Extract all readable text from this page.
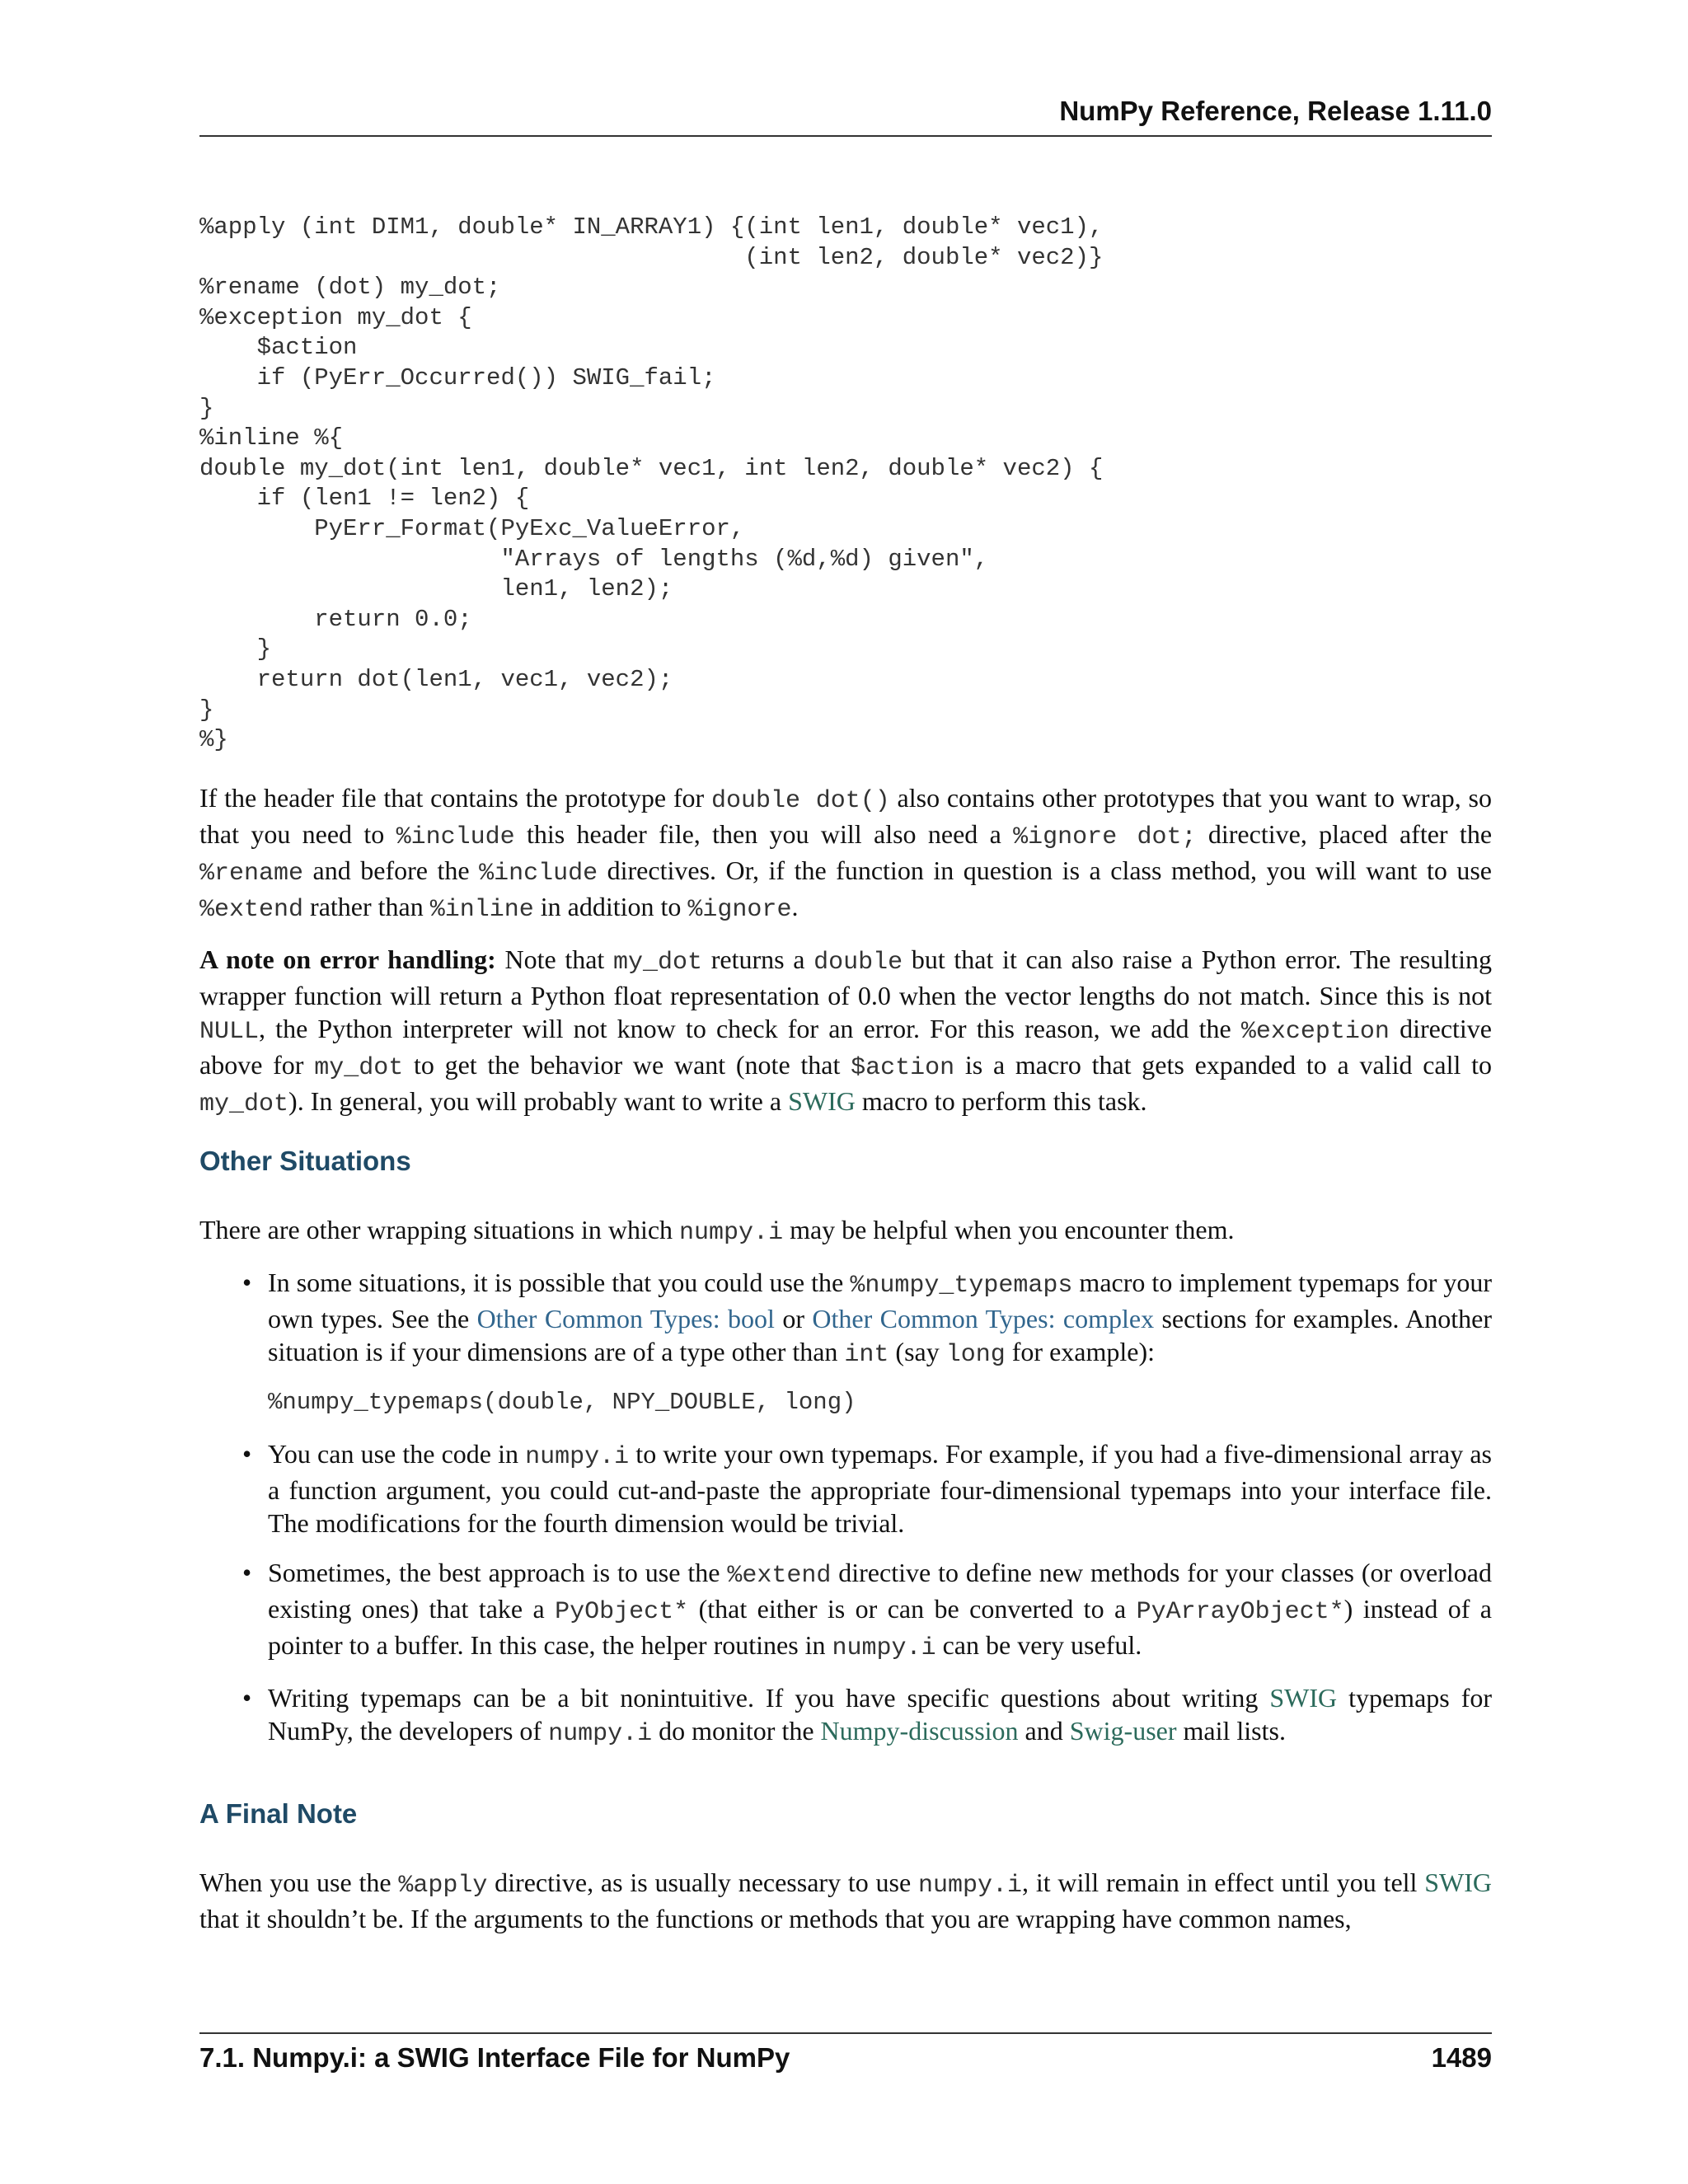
NumPy Reference, Release 1.11.0
%apply (int DIM1, double* IN_ARRAY1) {(int len1, double* vec1),
(int len2, double* vec2)}
%rename (dot) my_dot;
%exception my_dot {
$action
if (PyErr_Occurred()) SWIG_fail;
}
%inline %{
double my_dot(int len1, double* vec1, int len2, double* vec2) {
if (len1 != len2) {
PyErr_Format(PyExc_ValueError,
"Arrays of lengths (%d,%d) given",
len1, len2);
return 0.0;
}
return dot(len1, vec1, vec2);
}
%}

If the header file that contains the prototype for double dot() also contains other prototypes that you want to wrap, so that you need to %include this header file, then you will also need a %ignore dot; directive, placed after the %rename and before the %include directives. Or, if the function in question is a class method, you will want to use %extend rather than %inline in addition to %ignore.

A note on error handling: Note that my_dot returns a double but that it can also raise a Python error. The resulting wrapper function will return a Python float representation of 0.0 when the vector lengths do not match. Since this is not NULL, the Python interpreter will not know to check for an error. For this reason, we add the %exception directive above for my_dot to get the behavior we want (note that $action is a macro that gets expanded to a valid call to my_dot). In general, you will probably want to write a SWIG macro to perform this task.

Other Situations

There are other wrapping situations in which numpy.i may be helpful when you encounter them.

• In some situations, it is possible that you could use the %numpy_typemaps macro to implement typemaps for your own types. See the Other Common Types: bool or Other Common Types: complex sections for examples. Another situation is if your dimensions are of a type other than int (say long for example):
%numpy_typemaps(double, NPY_DOUBLE, long)
• You can use the code in numpy.i to write your own typemaps. For example, if you had a five-dimensional array as a function argument, you could cut-and-paste the appropriate four-dimensional typemaps into your interface file. The modifications for the fourth dimension would be trivial.
• Sometimes, the best approach is to use the %extend directive to define new methods for your classes (or overload existing ones) that take a PyObject* (that either is or can be converted to a PyArrayObject*) instead of a pointer to a buffer. In this case, the helper routines in numpy.i can be very useful.
• Writing typemaps can be a bit nonintuitive. If you have specific questions about writing SWIG typemaps for NumPy, the developers of numpy.i do monitor the Numpy-discussion and Swig-user mail lists.
A Final Note

When you use the %apply directive, as is usually necessary to use numpy.i, it will remain in effect until you tell SWIG that it shouldn’t be. If the arguments to the functions or methods that you are wrapping have common names,

7.1. Numpy.i: a SWIG Interface File for NumPy	1489
